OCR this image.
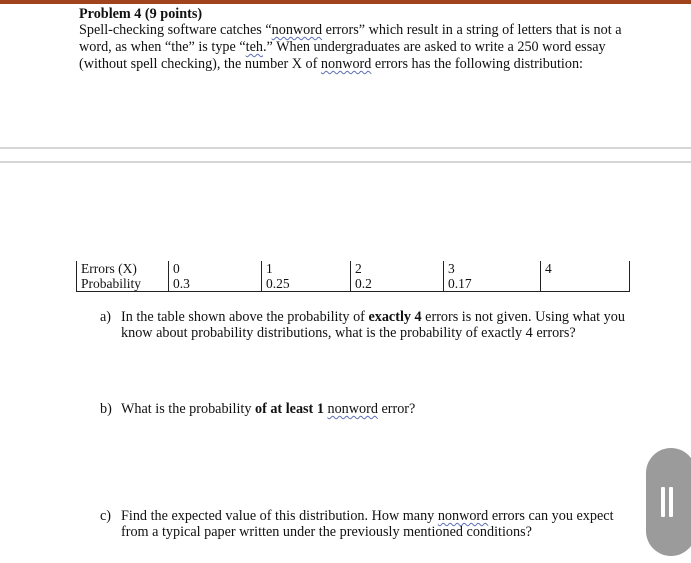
Problem 4 (9 points)
Spell-checking software catches “nonword errors” which result in a string of letters that is not a
word, as when “the” is type “teh.” When undergraduates are asked to write a 250 word essay
(without spell checking), the number X of nonword errors has the following distribution:
Errors (X)	0	1	2	3	4
Probability	0.3	0.25	0.2	0.17	
a) In the table shown above the probability of exactly 4 errors is not given. Using what you
know about probability distributions, what is the probability of exactly 4 errors?
b) What is the probability of at least 1 nonword error?
c) Find the expected value of this distribution. How many nonword errors can you expect
from a typical paper written under the previously mentioned conditions?
